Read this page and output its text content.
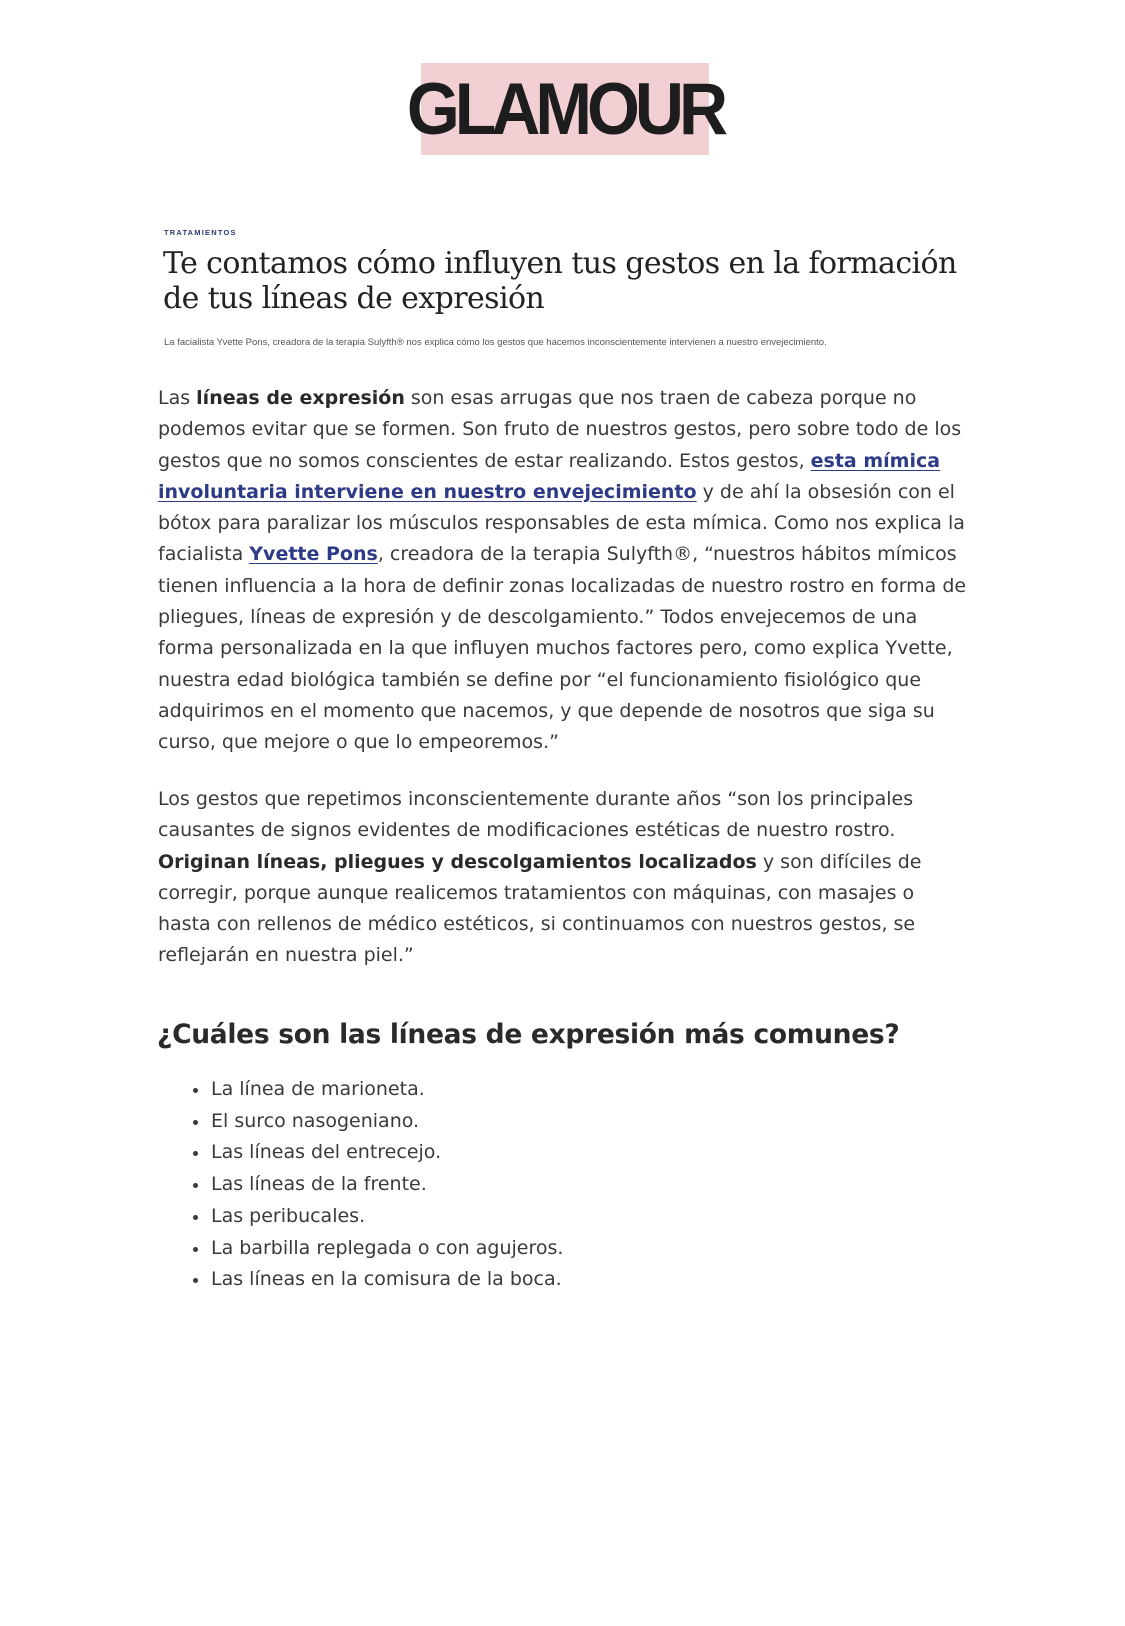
GLAMOUR
TRATAMIENTOS
Te contamos cómo influyen tus gestos en la formación de tus líneas de expresión

La facialista Yvette Pons, creadora de la terapia Sulyfth® nos explica cómo los gestos que hacemos inconscientemente intervienen a nuestro envejecimiento.

Las líneas de expresión son esas arrugas que nos traen de cabeza porque no podemos evitar que se formen. Son fruto de nuestros gestos, pero sobre todo de los gestos que no somos conscientes de estar realizando. Estos gestos, esta mímica involuntaria interviene en nuestro envejecimiento y de ahí la obsesión con el bótox para paralizar los músculos responsables de esta mímica. Como nos explica la facialista Yvette Pons, creadora de la terapia Sulyfth®, “nuestros hábitos mímicos tienen influencia a la hora de definir zonas localizadas de nuestro rostro en forma de pliegues, líneas de expresión y de descolgamiento.” Todos envejecemos de una forma personalizada en la que influyen muchos factores pero, como explica Yvette, nuestra edad biológica también se define por “el funcionamiento fisiológico que adquirimos en el momento que nacemos, y que depende de nosotros que siga su curso, que mejore o que lo empeoremos.”

Los gestos que repetimos inconscientemente durante años “son los principales causantes de signos evidentes de modificaciones estéticas de nuestro rostro. Originan líneas, pliegues y descolgamientos localizados y son difíciles de corregir, porque aunque realicemos tratamientos con máquinas, con masajes o hasta con rellenos de médico estéticos, si continuamos con nuestros gestos, se reflejarán en nuestra piel.”

¿Cuáles son las líneas de expresión más comunes?
La línea de marioneta.
El surco nasogeniano.
Las líneas del entrecejo.
Las líneas de la frente.
Las peribucales.
La barbilla replegada o con agujeros.
Las líneas en la comisura de la boca.
